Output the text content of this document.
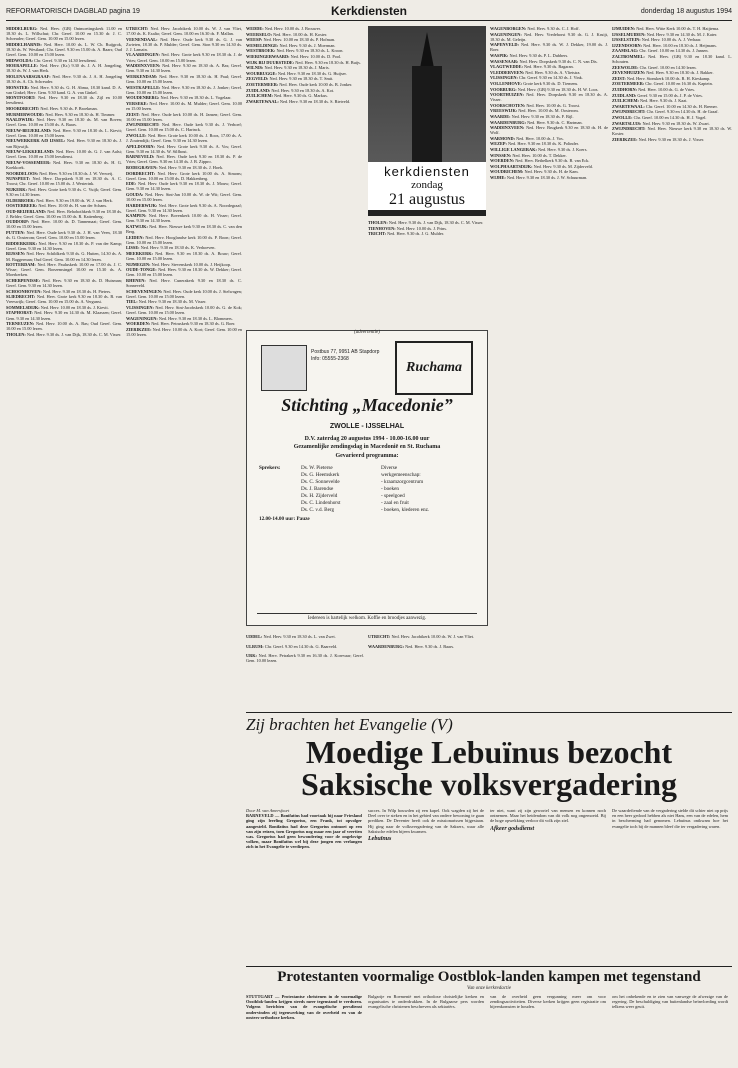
REFORMATORISCH DAGBLAD pagina 19	Kerkdiensten	donderdag 18 augustus 1994

MIDDELBURG: Ned. Herv. (GB) Ontmoetingskerk 11.00 en 18.30 ds. L. Willschut; Chr. Geref. 10.00 en 15.30 dr. J. C. Schreuder; Geref. Gem. 10.00 en 15.00 lezen.

MIDDELHARNIS: Ned. Herv. 10.00 ds. L. W. Ch. Ruijgrok, 18.30 ds. W. Westland; Chr. Geref. 9.30 en 15.00 ds. A. Baars; Oud Geref. Gem. 10.00 en 15.00 lezen.

MIDWOLDA: Chr. Geref. 9.30 en 14.30 leesdienst.

MOERAPELLE: Ned. Herv. (Kr.) 9.30 ds. J. A. H. Jongeling, 18.30 ds. W. J. van Herk.

MOLENAARSGRAAF: Ned. Herv. 9.30 ds. J. A. H. Jongeling 18.30 ds. A. Ch. Schreuder.

MONSTER: Ned. Herv. 9.30 ds. G. H. Abma, 18.30 kand. D. A. van Ginkel; Herv. Gem. 9.30 kand. G. A. van Ginkel.

MONTFOORT: Ned. Herv. 9.30 en 18.30 ds. Zijl en 10.00 leesdienst.

MOORDRECHT: Ned. Herv. 9.30 ds. P. Broekman.

MURMERWOUDE: Ned. Herv. 9.30 en 18.30 ds. H. Timmer.

NAALDWIJK: Ned. Herv. 9.30 en 18.30 ds. M. van Boven; Geref. Gem. 10.00 en 15.00 ds. A. Baars.

NIEUW-BEIJERLAND: Ned. Herv. 9.30 en 18.30 ds. L. Kievit; Geref. Gem. 10.00 en 15.00 lezen.

NIEUWERKERK A/D IJSSEL: Ned. Herv. 9.30 en 18.30 ds. J. van Rijswijk.

NIEUW-LEKKERLAND: Ned. Herv. 10.00 ds. G. J. van Aalst; Geref. Gem. 10.00 en 15.00 leesdienst.

NIEUW-VOSSEMEER: Ned. Herv. 9.30 en 18.30 ds. H. G. Koekkoek.

NOORDELOOS: Ned. Herv. 9.30 en 18.30 ds. J. W. Verweij.

NUNSPEET: Ned. Herv. Dorpskerk 9.30 en 18.30 ds. A. C. Troost; Chr. Geref. 10.00 en 15.00 ds. J. Westerink.

NIJKERK: Ned. Herv. Grote kerk 9.30 ds. C. Vuijk; Geref. Gem. 9.30 en 14.30 lezen.

OLDEBROEK: Ned. Herv. 9.30 en 19.00 ds. W. J. van Herk.

OOSTERBEEK: Ned. Herv. 10.00 ds. H. van der Schans.

OUD-BEIJERLAND: Ned. Herv. Rehobothkerk 9.30 en 18.30 ds. J. Belder; Geref. Gem. 10.00 en 15.00 ds. R. Kattenberg.

OUDDORP: Ned. Herv. 10.00 ds. D. Tannemaat; Geref. Gem. 10.00 en 15.00 lezen.

PUTTEN: Ned. Herv. Oude kerk 9.30 ds. J. H. van Veen, 18.30 ds. G. Oosterom; Geref. Gem. 10.00 en 15.00 lezen.

RIDDERKERK: Ned. Herv. 9.30 en 18.30 ds. P. van der Kamp; Geref. Gem. 9.30 en 14.30 lezen.

RIJSSEN: Ned. Herv. Schildkerk 9.30 ds. G. Hutten, 14.30 ds. A. M. Baggerman; Oud Geref. Gem. 10.00 en 14.30 lezen.

ROTTERDAM: Ned. Herv. Pauluskerk 10.00 en 17.00 ds. J. C. Wisse; Geref. Gem. Boezemsingel 10.00 en 15.30 ds. A. Moerkerken.

SCHERPENISSE: Ned. Herv. 9.30 en 18.30 ds. D. Huisman; Geref. Gem. 9.30 en 14.30 lezen.

SCHOONHOVEN: Ned. Herv. 9.30 en 18.30 ds. H. Pieters.

SLIEDRECHT: Ned. Herv. Grote kerk 9.30 en 18.30 ds. B. van Vreeswijk; Geref. Gem. 10.00 en 15.00 ds. A. Vergunst.

SOMMELSDIJK: Ned. Herv. 10.00 en 18.30 ds. J. Kievit.

STAPHORST: Ned. Herv. 9.30 en 14.30 ds. M. Klaassen; Geref. Gem. 9.30 en 14.30 lezen.

TERNEUZEN: Ned. Herv. 10.00 ds. A. Bas; Oud Geref. Gem. 10.00 en 15.00 lezen.

THOLEN: Ned. Herv. 9.30 ds. J. van Dijk, 18.30 ds. C. M. Visser.

UTRECHT: Ned. Herv. Jacobikerk 10.00 ds. W. J. van Vliet, 17.00 ds. K. Exalto; Geref. Gem. 10.00 en 16.30 ds. F. Mallan.

VEENENDAAL: Ned. Herv. Oude kerk 9.30 ds. G. J. van Zwieten, 18.30 ds. P. Mulder; Geref. Gem. Sion 9.30 en 14.30 ds. J. J. Lamain.

VLAARDINGEN: Ned. Herv. Grote kerk 9.30 en 18.30 ds. J. de Vries; Geref. Gem. 10.00 en 15.00 lezen.

WADDINXVEEN: Ned. Herv. 9.30 en 18.30 ds. A. Bas; Geref. Gem. 9.30 en 14.30 lezen.

WERKENDAM: Ned. Herv. 9.30 en 18.30 ds. H. Paul; Geref. Gem. 10.00 en 15.00 lezen.

WESTKAPELLE: Ned. Herv. 9.30 en 18.30 ds. J. Jonker; Geref. Gem. 10.00 en 15.00 lezen.

WOUDENBERG: Ned. Herv. 9.30 en 18.30 ds. L. Vogelaar.

YERSEKE: Ned. Herv. 10.00 ds. M. Mulder; Geref. Gem. 10.00 en 15.00 lezen.

ZEIST: Ned. Herv. Oude kerk 10.00 ds. H. Jansen; Geref. Gem. 10.00 en 15.00 lezen.

ZWIJNDRECHT: Ned. Herv. Oude kerk 9.30 ds. J. Verhoef; Geref. Gem. 10.00 en 15.00 ds. C. Harinck.

ZWOLLE: Ned. Herv. Grote kerk 10.00 ds. J. Roos, 17.00 ds. A. J. Zoutendijk; Geref. Gem. 9.30 en 14.30 lezen.

APELDOORN: Ned. Herv. Grote kerk 9.30 ds. A. Vos; Geref. Gem. 9.30 en 14.30 ds. W. Silfhout.

BARNEVELD: Ned. Herv. Oude kerk 9.30 en 18.30 ds. P. de Vries; Geref. Gem. 9.30 en 14.30 ds. J. B. Zippro.

BODEGRAVEN: Ned. Herv. 9.30 en 18.30 ds. J. Hoek.

DORDRECHT: Ned. Herv. Grote kerk 10.00 ds. A. Simons; Geref. Gem. 10.00 en 15.00 ds. D. Hakkenberg.

EDE: Ned. Herv. Oude kerk 9.30 en 18.30 ds. J. Mouw; Geref. Gem. 9.30 en 14.30 lezen.

GOUDA: Ned. Herv. Sint-Jan 10.00 ds. W. de Wit; Geref. Gem. 10.00 en 15.00 lezen.

HARDERWIJK: Ned. Herv. Grote kerk 9.30 ds. A. Noordegraaf; Geref. Gem. 9.30 en 14.30 lezen.

KAMPEN: Ned. Herv. Bovenkerk 10.00 ds. H. Visser; Geref. Gem. 9.30 en 14.30 lezen.

KATWIJK: Ned. Herv. Nieuwe kerk 9.30 en 18.30 ds. C. van den Berg.

LEIDEN: Ned. Herv. Hooglandse kerk 10.00 ds. P. Boon; Geref. Gem. 10.00 en 15.00 lezen.

LISSE: Ned. Herv. 9.30 en 18.30 ds. K. Verhoeven.

MEERKERK: Ned. Herv. 9.30 en 18.30 ds. A. Bouw; Geref. Gem. 10.00 en 15.00 lezen.

NIJMEGEN: Ned. Herv. Stevenskerk 10.00 ds. J. Heijkoop.

OUDE-TONGE: Ned. Herv. 9.30 en 18.30 ds. W. Dekker; Geref. Gem. 10.00 en 15.00 lezen.

RHENEN: Ned. Herv. Cunerakerk 9.30 en 18.30 ds. C. Sonneveld.

SCHEVENINGEN: Ned. Herv. Oude kerk 10.00 ds. J. Stelwagen; Geref. Gem. 10.00 en 15.00 lezen.

TIEL: Ned. Herv. 9.30 en 18.30 ds. M. Visser.

VLISSINGEN: Ned. Herv. Sint-Jacobskerk 10.00 ds. G. de Kok; Geref. Gem. 10.00 en 15.00 lezen.

WAGENINGEN: Ned. Herv. 9.30 en 18.30 ds. L. Blommers.

WOERDEN: Ned. Herv. Petruskerk 9.30 en 18.30 ds. G. Boer.

ZIERIKZEE: Ned. Herv. 10.00 ds. A. Kort; Geref. Gem. 10.00 en 15.00 lezen.

WEDDE: Ned. Herv. 10.00 ds. J. Brouwer.

WEERSELO: Ned. Herv. 10.00 ds. H. Koster.

WEESP: Ned. Herv. 10.00 en 18.30 ds. P. Hofman.

WEMELDINGE: Ned. Herv. 9.30 ds. J. Moerman.

WESTBROEK: Ned. Herv. 9.30 en 18.30 ds. L. Kroon.

WIERINGERWAARD: Ned. Herv. 10.00 ds. D. Pool.

WIJK BIJ DUURSTEDE: Ned. Herv. 9.30 en 18.30 ds. H. Buijs.

WILNIS: Ned. Herv. 9.30 en 18.30 ds. J. Maris.

WOUBRUGGE: Ned. Herv. 9.30 en 18.30 ds. G. Huijser.

ZEGVELD: Ned. Herv. 9.30 en 18.30 ds. T. Smit.

ZOETERMEER: Ned. Herv. Oude kerk 10.00 ds. B. Jonker.

ZUIDLAND: Ned. Herv. 9.30 en 18.30 ds. A. Kot.

ZUILICHEM: Ned. Herv. 9.30 ds. G. Markus.

ZWARTEWAAL: Ned. Herv. 9.30 en 18.30 ds. S. Rietveld.

kerkdiensten
zondag
21 augustus

THOLEN: Ned. Herv. 9.30 ds. J. van Dijk, 18.30 ds. C. M. Visser.

TIENHOVEN: Ned. Herv. 10.00 ds. J. Prins.

TRICHT: Ned. Herv. 9.30 ds. J. G. Mulder.

WAGENBORGEN: Ned. Herv. 9.30 ds. C. J. Hoff.

WAGENINGEN: Ned. Herv. Vredehorst 9.30 ds. G. J. Kruijt, 18.30 ds. M. Geleijn.

WAPENVELD: Ned. Herv. 9.30 ds. W. J. Dekker, 19.00 ds. J. Boer.

WASPIK: Ned. Herv. 9.30 ds. P. L. Dubbers.

WASSENAAR: Ned. Herv. Dorpskerk 9.30 ds. C. N. van Dis.

VLAGTWEDDE: Ned. Herv. 9.30 ds. Bagaran.

VLEDDERVEEN: Ned. Herv. 9.30 ds. A. Vlietstra.

VLISSINGEN: Chr. Geref. 9.30 en 14.30 ds. J. Vink.

VOLLENHOVE: Grote kerk 9.30 ds. D. Tiemens.

VOORBURG: Ned. Herv. (GB) 9.30 en 18.30 ds. H. W. Loos.

VOORTHUIZEN: Ned. Herv. Dorpskerk 9.30 en 18.30 ds. A. Visser.

VOORSCHOTEN: Ned. Herv. 10.00 ds. G. Troost.

VREESWIJK: Ned. Herv. 10.00 ds. M. Oosterom.

WAARDE: Ned. Herv. 9.30 en 18.30 ds. F. Bijl.

WAARDENBURG: Ned. Herv. 9.30 ds. C. Hartman.

WADDINXVEEN: Ned. Herv. Brugkerk 9.30 en 18.30 ds. H. de Wolf.

WARMOND: Ned. Herv. 10.00 ds. J. Vos.

WEZEP: Ned. Herv. 9.30 en 18.30 ds. K. Polinder.

WILLIGE LANGERAK: Ned. Herv. 9.30 ds. J. Koers.

WINSSEN: Ned. Herv. 10.00 ds. T. Dekker.

WOERDEN: Ned. Herv. Bethelkerk 9.30 ds. B. van Eck.

WOLPHAARTSDIJK: Ned. Herv. 9.30 ds. M. Zijderveld.

WOUDRICHEM: Ned. Herv. 9.30 ds. H. de Kam.

WIJHE: Ned. Herv. 9.30 en 18.30 ds. J. W. Schuurman.

IJMUIDEN: Ned. Herv. Witte Kerk 10.00 ds. T. H. Haijtema.

IJSSELMUIDEN: Ned. Herv. 9.30 en 14.30 ds. M. J. Kater.

IJSSELSTEIN: Ned. Herv. 10.00 ds. A. J. Verhaar.

IJZENDOORN: Ned. Herv. 10.00 en 18.30 ds. J. Heijmans.

ZAAMSLAG: Chr. Geref. 10.00 en 14.30 ds. J. Jansen.

ZALTBOMMEL: Ned. Herv. (GB) 9.30 en 18.30 kand. L. Schouten.

ZEEWOLDE: Chr. Geref. 10.00 en 14.30 lezen.

ZEVENHUIZEN: Ned. Herv. 9.30 en 18.30 ds. J. Bakker.

ZEIST: Ned. Herv. Sionskerk 10.00 ds. R. H. Kieskamp.

ZOETERMEER: Chr. Geref. 10.00 en 16.30 ds. Kaptein.

ZUIDHORN: Ned. Herv. 10.00 ds. G. de Vries.

ZUIDLAND: Geref. 9.30 en 15.00 ds. J. P. de Vries.

ZUILICHEM: Ned. Herv. 9.30 ds. J. Kaat.

ZWARTEWAAL: Chr. Geref. 10.00 en 14.30 ds. H. Bremer.

ZWIJNDRECHT: Chr. Geref. 9.30 en 14.30 ds. H. de Graaf.

ZWOLLE: Chr. Geref. 10.00 en 14.30 ds. H. J. Vogel.

ZWARTSLUIS: Ned. Herv. 9.30 en 18.30 ds. W. Zwart.

ZWIJNDRECHT: Ned. Herv. Nieuwe kerk 9.30 en 18.30 ds. W. Koster.

ZIERIKZEE: Ned. Herv. 9.30 en 18.30 ds. J. Visser.

(advertentie)
Postbus 77, 9951 AB Stapdorp
Info: 05555-2368
Ruchama
Stichting „Macedonie”
ZWOLLE - IJSSELHAL
D.V. zaterdag 20 augustus 1994 - 10.00-16.00 uur
Gezamenlijke zendingsdag in Macedonië en St. Ruchama
Gevarieerd programma:
Sprekers:	Ds. W. Pieterse	Diverse
Ds. G. Heemskerk	werkgemeenschap:
Ds. C. Sonnevelde	- kraamzorgcentrum
Ds. J. Barendse	- boeken
Ds. H. Zijderveld	- speelgoed
Ds. C. Lindenhorst	- zaal en fruit
Ds. C. v.d. Berg	- boeken, klederen enz.
12.00-14.00 uur: Pauze
Iedereen is hartelijk welkom. Koffie en broodjes aanwezig.

UDDEL: Ned. Herv. 9.30 en 18.30 ds. L. van Zwet.

ULRUM: Chr. Geref. 9.30 en 14.30 ds. G. Baarveld.

URK: Ned. Herv. Petrakerk 9.30 en 16.30 ds. J. Korevaar; Geref. Gem. 10.00 lezen.

UTRECHT: Ned. Herv. Jacobikerk 10.00 ds. W. J. van Vliet.

WAARDENBURG: Ned. Herv. 9.30 ds. J. Baars.

Zij brachten het Evangelie (V)
Moedige Lebuïnus bezocht Saksische volksvergadering
Door M. van Amersfoort
BARNEVELD — Bonifatius had voortaak bij naar Friesland ging zijn leerling Gregorius, een Frank, tot opvolger aangesteld. Bonifatius had deze Gregorius ontmoet op een van zijn reizen, toen Gregorius nog maar een jaar of veertien was. Gregorius had geen bewondering voor de ongelovige volken, maar Bonifatius wel bij deze jongen een verlangen zich in het Evangelie te verdiepen.
succes. In Wilp bouwden zij een kapel. Ook wagden zij het de Deel over te steken en in het gebied van ondere bewoning te gaan prediken. De Deventer heeft ook de missionarissen bijgestaan. Hij ging naar de volksvergadering van de Saksers, waar alle Saksische edelen bijeen kwamen.
Lebuïnus
ter niet, want zij zijn gewortel van mensen en konnen noch ontnemen. Maar het heidendom van dit volk nog ongemoeid. Bij de hoge opwekking verloor dit volk zijn ziel.
Afkeer godsdienst
De waardefiende van de vergadering stelde dit schier niet op prijs en een heer gedood hebben als niet Hans, een van de edelen, hem in bescherming had genomen. Lebuïnus ontkwam hoe het evangelie toch bij de mannen bleef die ter vergadering waren.
Protestanten voormalige Oostblok-landen kampen met tegenstand
Van onze kerkredactie
STUTTGART — Protestantse christenen in de voormalige Oostblok-landen krijgen steeds meer tegenstand te verduren. Volgens berichten van de evangelische persdienst ondervinden zij tegenwerking van de overheid en van de oosters-orthodoxe kerken.
Bulgarije en Roemenië met orthodoxe christelijke kerken en organisaties te onderdrukken. In de Bulgaarse pers worden evangelische christenen beschreven als sektariërs.
van de overheid geen vergunning meer om voor zendingsactiviteiten. Diverse kerken krijgen geen registratie om bijeenkomsten te houden.
om het onbekende en te zien van vanwege de afwezige van de regering. De beschuldiging van buitenlandse beïnvloeding wordt telkens weer geuit.
